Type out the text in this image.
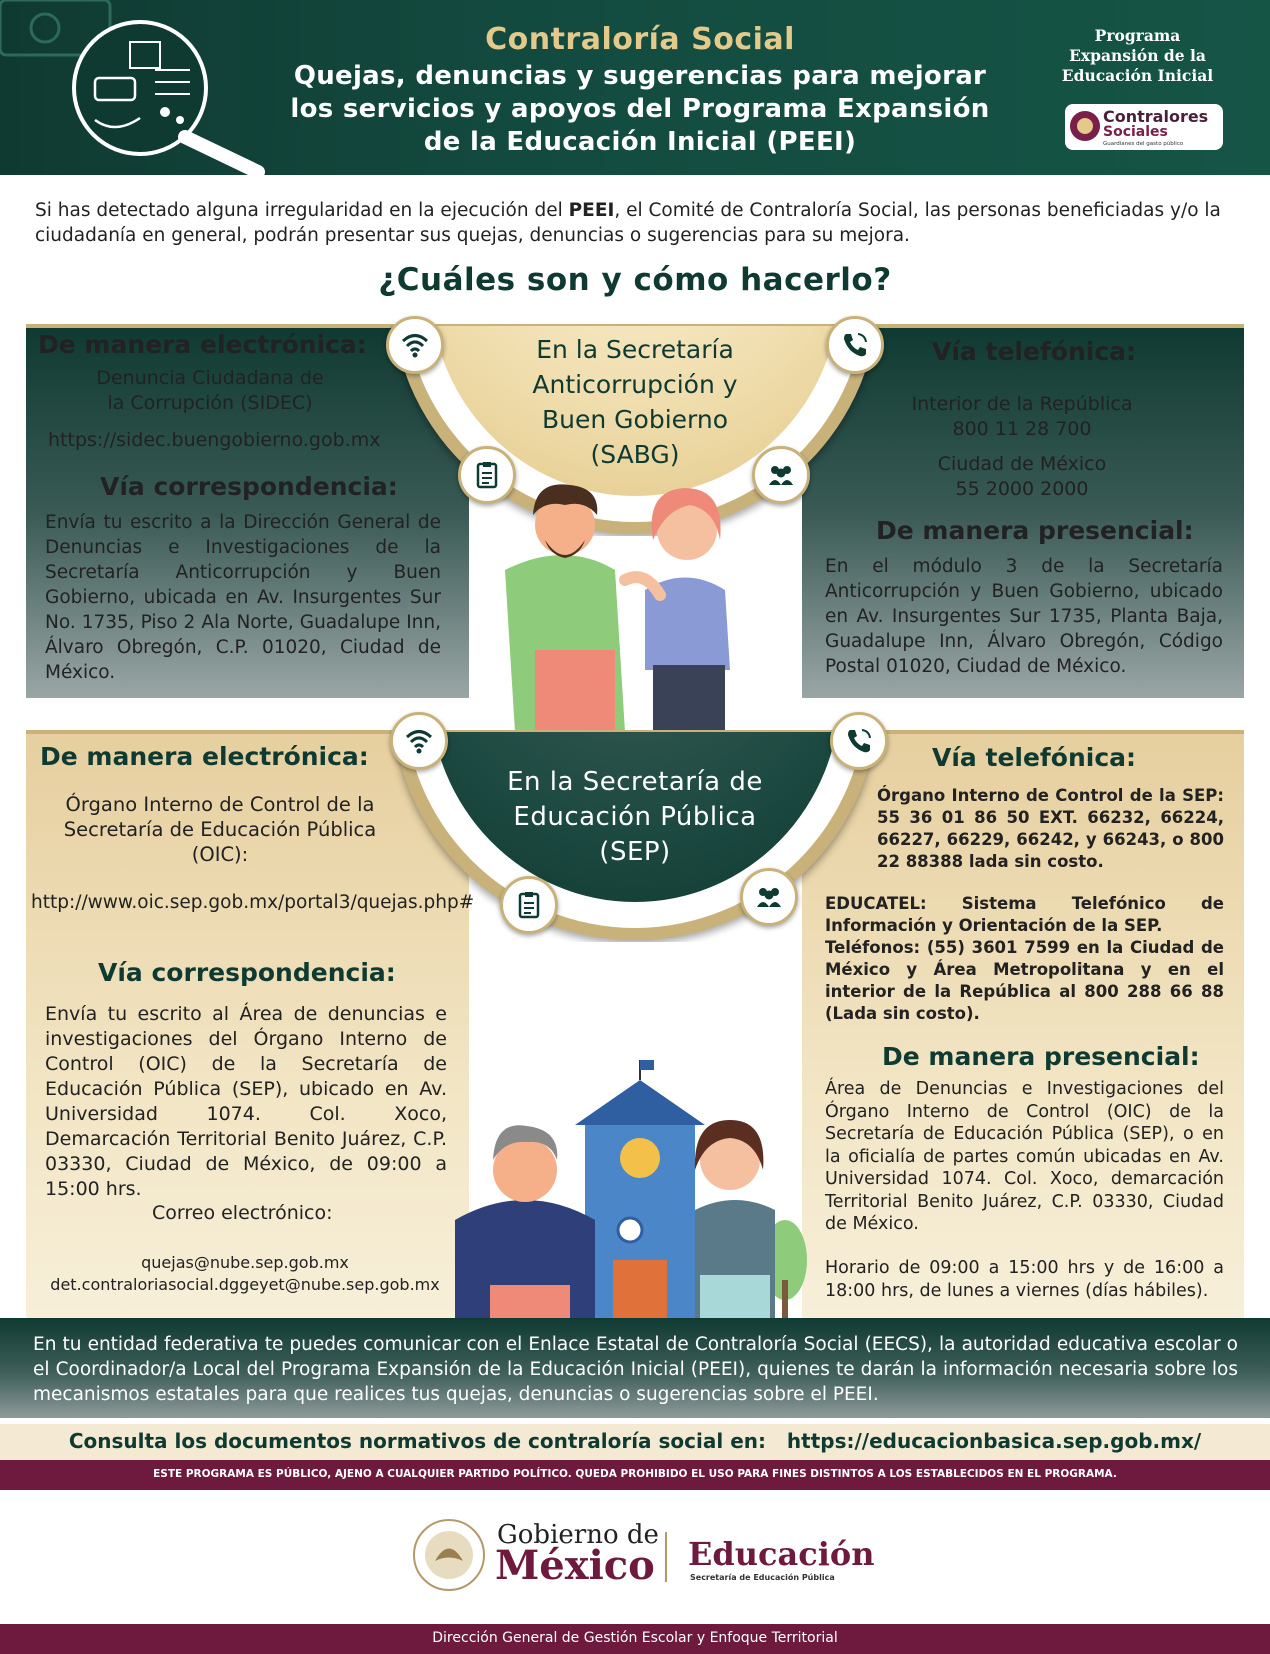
Contraloría Social
Quejas, denuncias y sugerencias para mejorar los servicios y apoyos del Programa Expansión de la Educación Inicial (PEEI)
Programa Expansión de la Educación Inicial
Contralores
Sociales
Guardianes del gasto público
Si has detectado alguna irregularidad en la ejecución del PEEI, el Comité de Contraloría Social, las personas beneficiadas y/o la ciudadanía en general, podrán presentar sus quejas, denuncias o sugerencias para su mejora.
¿Cuáles son y cómo hacerlo?
En la Secretaría Anticorrupción y Buen Gobierno (SABG)
De manera electrónica:
Denuncia Ciudadana de la Corrupción (SIDEC)
https://sidec.buengobierno.gob.mx
Vía correspondencia:
Envía tu escrito a la Dirección General de Denuncias e Investigaciones de la Secretaría Anticorrupción y Buen Gobierno, ubicada en Av. Insurgentes Sur No. 1735, Piso 2 Ala Norte, Guadalupe Inn, Álvaro Obregón, C.P. 01020, Ciudad de México.
Vía telefónica:
Interior de la República
800 11 28 700
Ciudad de México
55 2000 2000
De manera presencial:
En el módulo 3 de la Secretaría Anticorrupción y Buen Gobierno, ubicado en Av. Insurgentes Sur 1735, Planta Baja, Guadalupe Inn, Álvaro Obregón, Código Postal 01020, Ciudad de México.
En la Secretaría de Educación Pública (SEP)
De manera electrónica:
Órgano Interno de Control de la Secretaría de Educación Pública (OIC):
http://www.oic.sep.gob.mx/portal3/quejas.php#
Vía correspondencia:
Envía tu escrito al Área de denuncias e investigaciones del Órgano Interno de Control (OIC) de la Secretaría de Educación Pública (SEP), ubicado en Av. Universidad 1074. Col. Xoco, Demarcación Territorial Benito Juárez, C.P. 03330, Ciudad de México, de 09:00 a 15:00 hrs.
Correo electrónico:
quejas@nube.sep.gob.mx
det.contraloriasocial.dggeyet@nube.sep.gob.mx
Vía telefónica:
Órgano Interno de Control de la SEP: 55 36 01 86 50 EXT. 66232, 66224, 66227, 66229, 66242, y 66243, o 800 22 88388 lada sin costo.
EDUCATEL: Sistema Telefónico de Información y Orientación de la SEP.
Teléfonos: (55) 3601 7599 en la Ciudad de México y Área Metropolitana y en el interior de la República al 800 288 66 88 (Lada sin costo).
De manera presencial:
Área de Denuncias e Investigaciones del Órgano Interno de Control (OIC) de la Secretaría de Educación Pública (SEP), o en la oficialía de partes común ubicadas en Av. Universidad 1074. Col. Xoco, demarcación Territorial Benito Juárez, C.P. 03330, Ciudad de México.
Horario de 09:00 a 15:00 hrs y de 16:00 a 18:00 hrs, de lunes a viernes (días hábiles).
En tu entidad federativa te puedes comunicar con el Enlace Estatal de Contraloría Social (EECS), la autoridad educativa escolar o el Coordinador/a Local del Programa Expansión de la Educación Inicial (PEEI), quienes te darán la información necesaria sobre los mecanismos estatales para que realices tus quejas, denuncias o sugerencias sobre el PEEI.
Consulta los documentos normativos de contraloría social en: https://educacionbasica.sep.gob.mx/
ESTE PROGRAMA ES PÚBLICO, AJENO A CUALQUIER PARTIDO POLÍTICO. QUEDA PROHIBIDO EL USO PARA FINES DISTINTOS A LOS ESTABLECIDOS EN EL PROGRAMA.
Gobierno de
México Educación
Secretaría de Educación Pública
Dirección General de Gestión Escolar y Enfoque Territorial
